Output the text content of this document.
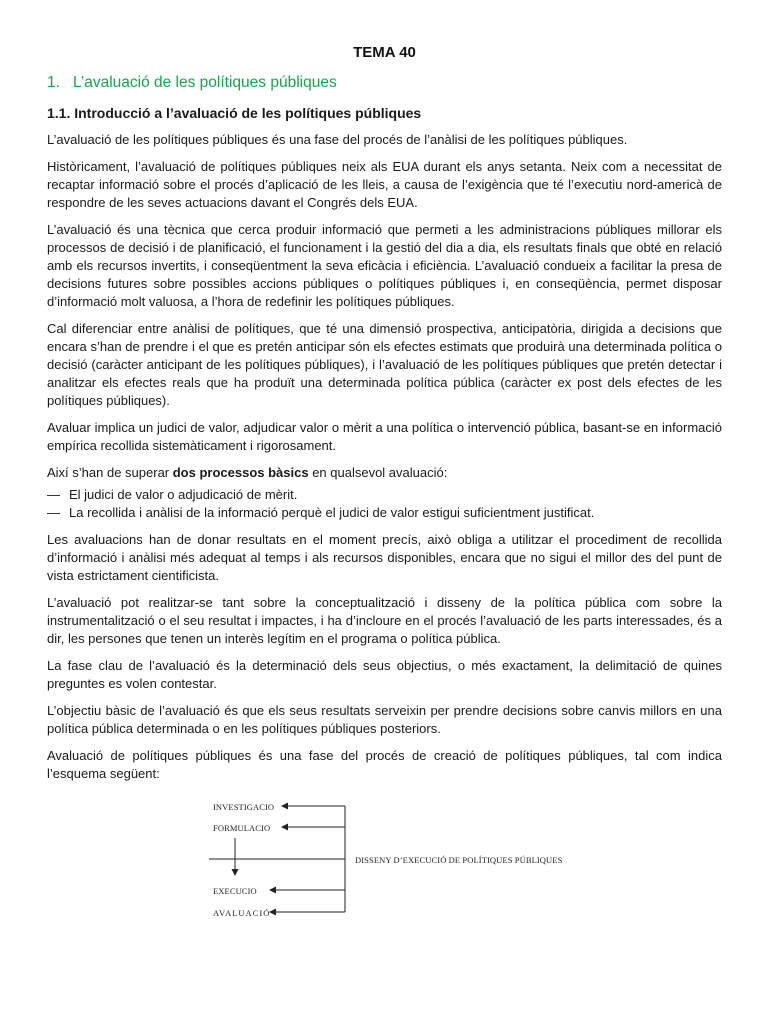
TEMA 40
1. L’avaluació de les polítiques públiques
1.1. Introducció a l’avaluació de les polítiques públiques

L’avaluació de les polítiques públiques és una fase del procés de l’anàlisi de les polítiques públiques.

Històricament, l’avaluació de polítiques públiques neix als EUA durant els anys setanta. Neix com a necessitat de recaptar informació sobre el procés d’aplicació de les lleis, a causa de l’exigència que té l’executiu nord-americà de respondre de les seves actuacions davant el Congrés dels EUA.

L’avaluació és una tècnica que cerca produir informació que permeti a les administracions públiques millorar els processos de decisió i de planificació, el funcionament i la gestió del dia a dia, els resultats finals que obté en relació amb els recursos invertits, i conseqüentment la seva eficàcia i eficiència. L’avaluació condueix a facilitar la presa de decisions futures sobre possibles accions públiques o polítiques públiques i, en conseqüència, permet disposar d’informació molt valuosa, a l’hora de redefinir les polítiques públiques.

Cal diferenciar entre anàlisi de polítiques, que té una dimensió prospectiva, anticipatòria, dirigida a decisions que encara s’han de prendre i el que es pretén anticipar són els efectes estimats que produirà una determinada política o decisió (caràcter anticipant de les polítiques públiques), i l’avaluació de les polítiques públiques que pretén detectar i analitzar els efectes reals que ha produït una determinada política pública (caràcter ex post dels efectes de les polítiques públiques).

Avaluar implica un judici de valor, adjudicar valor o mèrit a una política o intervenció pública, basant-se en informació empírica recollida sistemàticament i rigorosament.

Així s’han de superar dos processos bàsics en qualsevol avaluació:

— El judici de valor o adjudicació de mèrit.
— La recollida i anàlisi de la informació perquè el judici de valor estigui suficientment justificat.

Les avaluacions han de donar resultats en el moment precís, això obliga a utilitzar el procediment de recollida d’informació i anàlisi més adequat al temps i als recursos disponibles, encara que no sigui el millor des del punt de vista estrictament cientificista.

L’avaluació pot realitzar-se tant sobre la conceptualització i disseny de la política pública com sobre la instrumentalització o el seu resultat i impactes, i ha d’incloure en el procés l’avaluació de les parts interessades, és a dir, les persones que tenen un interès legítim en el programa o política pública.

La fase clau de l’avaluació és la determinació dels seus objectius, o més exactament, la delimitació de quines preguntes es volen contestar.

L’objectiu bàsic de l’avaluació és que els seus resultats serveixin per prendre decisions sobre canvis millors en una política pública determinada o en les polítiques públiques posteriors.

Avaluació de polítiques públiques és una fase del procés de creació de polítiques públiques, tal com indica l’esquema següent:

INVESTIGACIO
FORMULACIO
EXECUCIO
AVALUACIÓ
DISSENY D’EXECUCIÓ DE POLÍTIQUES PÚBLIQUES
